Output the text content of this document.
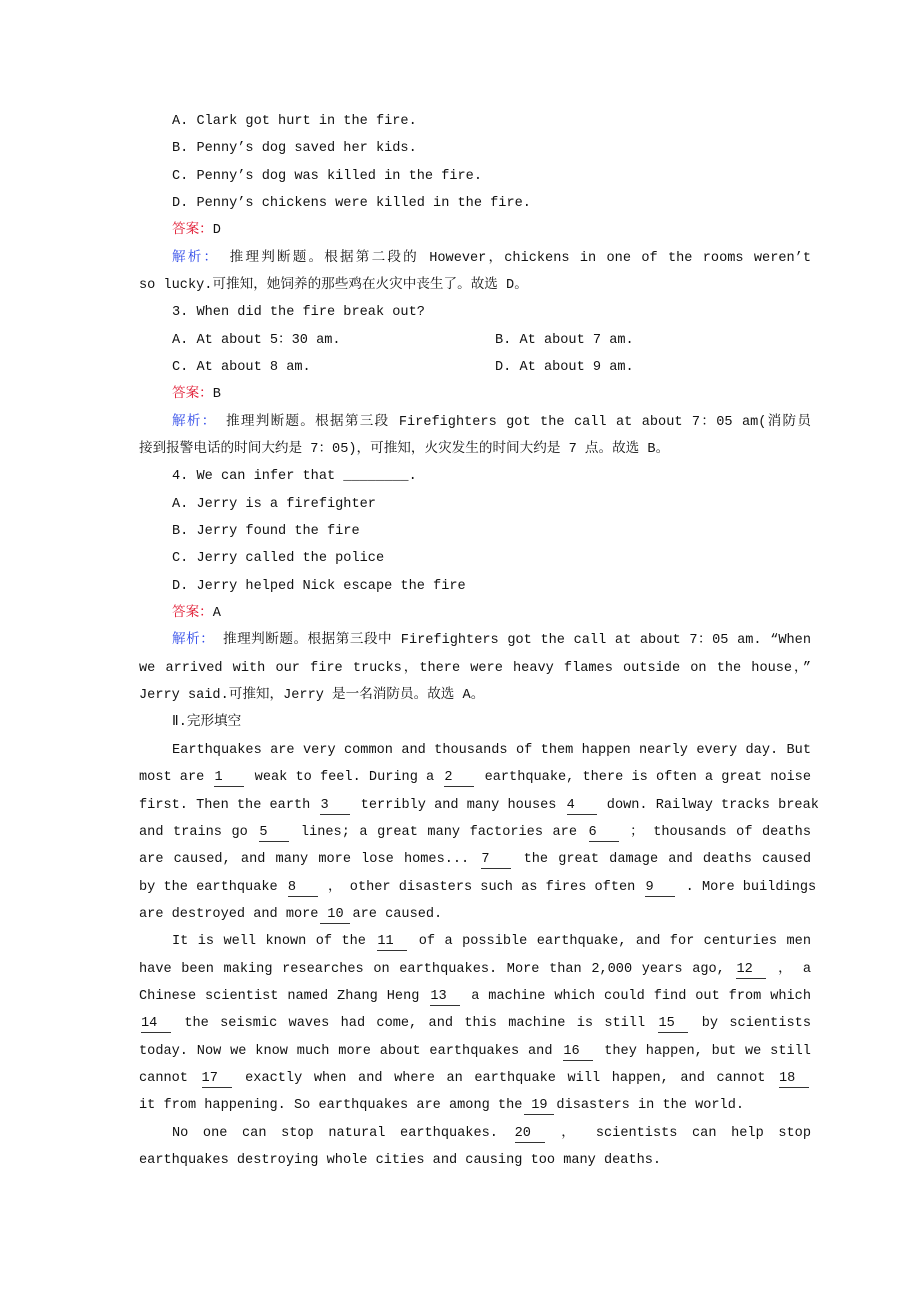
A. Clark got hurt in the fire.
B. Penny’s dog saved her kids.
C. Penny’s dog was killed in the fire.
D. Penny’s chickens were killed in the fire.
答案：D
解析： 推理判断题。根据第二段的 However，chickens in one of the rooms weren’t
so lucky.可推知，她饲养的那些鸡在火灾中丧生了。故选 D。
3. When did the fire break out?
A. At about 5：30 am.	B. At about 7 am.
C. At about 8 am.	D. At about 9 am.
答案：B
解析： 推理判断题。根据第三段 Firefighters got the call at about 7：05 am(消防员
接到报警电话的时间大约是 7：05)，可推知，火灾发生的时间大约是 7 点。故选 B。
4. We can infer that ________.
A. Jerry is a firefighter
B. Jerry found the fire
C. Jerry called the police
D. Jerry helped Nick escape the fire
答案：A
解析： 推理判断题。根据第三段中 Firefighters got the call at about 7：05 am. “When
we arrived with our fire trucks，there were heavy flames outside on the house，”
Jerry said.可推知，Jerry 是一名消防员。故选 A。
Ⅱ.完形填空
Earthquakes are very common and thousands of them happen nearly every day. But
most are 1 weak to feel. During a 2 earthquake, there is often a great noise
first. Then the earth 3 terribly and many houses 4 down. Railway tracks break
and trains go 5 lines; a great many factories are 6 ； thousands of deaths
are caused, and many more lose homes... 7	the great damage and deaths caused
by the earthquake 8 ， other disasters such as fires often 9 . More buildings
are destroyed and more 10 are caused.
It is well known of the 11 of a possible earthquake, and for centuries men
have been making researches on earthquakes. More than 2,000 years ago, 12 ， a
Chinese scientist named Zhang Heng 13 a machine which could find out from which
14 the seismic waves had come, and this machine is still 15 by scientists
today. Now we know much more about earthquakes and 16 they happen, but we still
cannot 17 exactly when and where an earthquake will happen, and cannot 18
it from happening. So earthquakes are among the 19 disasters in the world.
No one can stop natural earthquakes. 20 ， scientists can help stop
earthquakes destroying whole cities and causing too many deaths.
